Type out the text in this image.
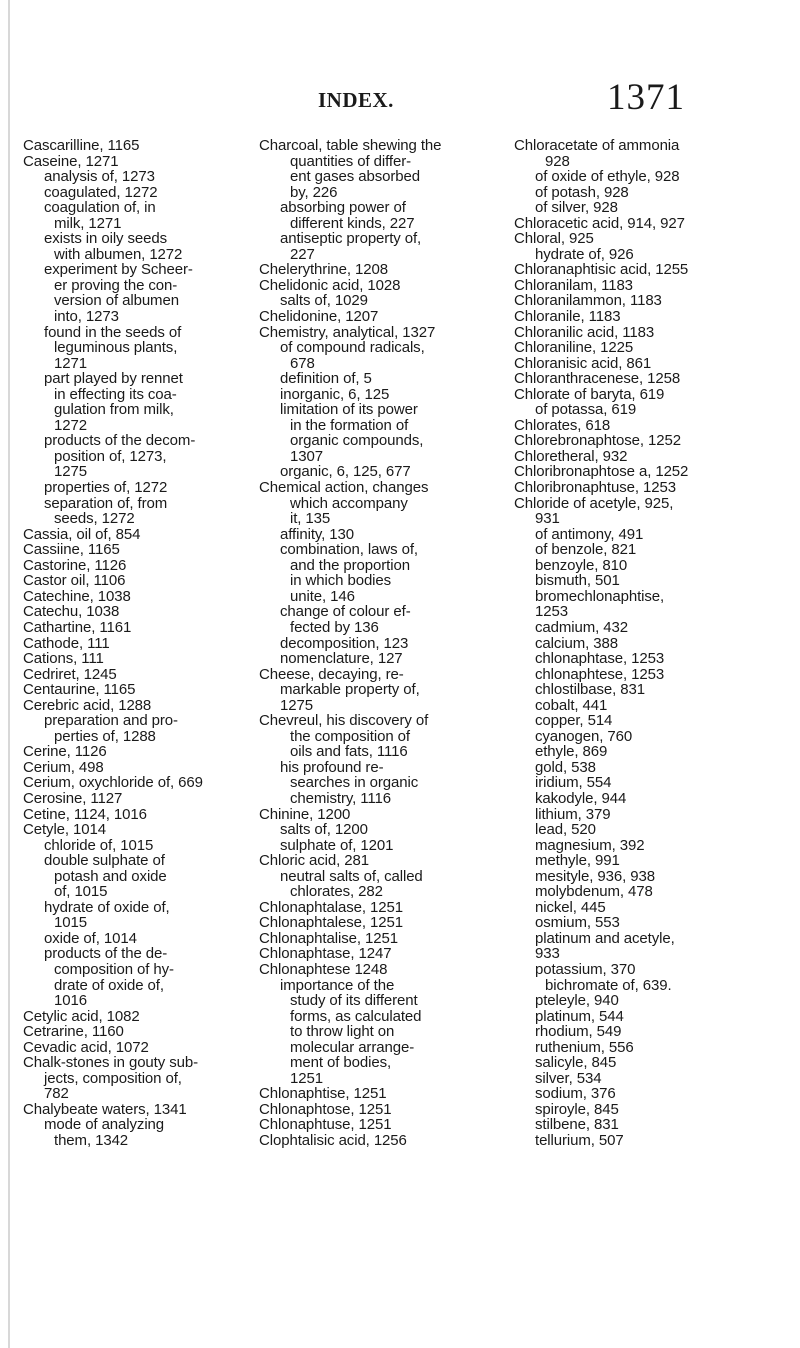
INDEX.	1371
Cascarilline, 1165
Caseine, 1271
analysis of, 1273
coagulated, 1272
coagulation of, in
milk, 1271
exists in oily seeds
with albumen, 1272
experiment by Scheer-
er proving the con-
version of albumen
into, 1273
found in the seeds of
leguminous plants,
1271
part played by rennet
in effecting its coa-
gulation from milk,
1272
products of the decom-
position of, 1273,
1275
properties of, 1272
separation of, from
seeds, 1272
Cassia, oil of, 854
Cassiine, 1165
Castorine, 1126
Castor oil, 1106
Catechine, 1038
Catechu, 1038
Cathartine, 1161
Cathode, 111
Cations, 111
Cedriret, 1245
Centaurine, 1165
Cerebric acid, 1288
preparation and pro-
perties of, 1288
Cerine, 1126
Cerium, 498
Cerium, oxychloride of, 669
Cerosine, 1127
Cetine, 1124, 1016
Cetyle, 1014
chloride of, 1015
double sulphate of
potash and oxide
of, 1015
hydrate of oxide of,
1015
oxide of, 1014
products of the de-
composition of hy-
drate of oxide of,
1016
Cetylic acid, 1082
Cetrarine, 1160
Cevadic acid, 1072
Chalk-stones in gouty sub-
jects, composition of,
782
Chalybeate waters, 1341
mode of analyzing
them, 1342
Charcoal, table shewing the
quantities of differ-
ent gases absorbed
by, 226
absorbing power of
different kinds, 227
antiseptic property of,
227
Chelerythrine, 1208
Chelidonic acid, 1028
salts of, 1029
Chelidonine, 1207
Chemistry, analytical, 1327
of compound radicals,
678
definition of, 5
inorganic, 6, 125
limitation of its power
in the formation of
organic compounds,
1307
organic, 6, 125, 677
Chemical action, changes
which accompany
it, 135
affinity, 130
combination, laws of,
and the proportion
in which bodies
unite, 146
change of colour ef-
fected by 136
decomposition, 123
nomenclature, 127
Cheese, decaying, re-
markable property of,
1275
Chevreul, his discovery of
the composition of
oils and fats, 1116
his profound re-
searches in organic
chemistry, 1116
Chinine, 1200
salts of, 1200
sulphate of, 1201
Chloric acid, 281
neutral salts of, called
chlorates, 282
Chlonaphtalase, 1251
Chlonaphtalese, 1251
Chlonaphtalise, 1251
Chlonaphtase, 1247
Chlonaphtese 1248
importance of the
study of its different
forms, as calculated
to throw light on
molecular arrange-
ment of bodies,
1251
Chlonaphtise, 1251
Chlonaphtose, 1251
Chlonaphtuse, 1251
Clophtalisic acid, 1256
Chloracetate of ammonia
928
of oxide of ethyle, 928
of potash, 928
of silver, 928
Chloracetic acid, 914, 927
Chloral, 925
hydrate of, 926
Chloranaphtisic acid, 1255
Chloranilam, 1183
Chloranilammon, 1183
Chloranile, 1183
Chloranilic acid, 1183
Chloraniline, 1225
Chloranisic acid, 861
Chloranthracenese, 1258
Chlorate of baryta, 619
of potassa, 619
Chlorates, 618
Chlorebronaphtose, 1252
Chloretheral, 932
Chloribronaphtose a, 1252
Chloribronaphtuse, 1253
Chloride of acetyle, 925,
931
of antimony, 491
of benzole, 821
benzoyle, 810
bismuth, 501
bromechlonaphtise,
1253
cadmium, 432
calcium, 388
chlonaphtase, 1253
chlonaphtese, 1253
chlostilbase, 831
cobalt, 441
copper, 514
cyanogen, 760
ethyle, 869
gold, 538
iridium, 554
kakodyle, 944
lithium, 379
lead, 520
magnesium, 392
methyle, 991
mesityle, 936, 938
molybdenum, 478
nickel, 445
osmium, 553
platinum and acetyle,
933
potassium, 370
bichromate of, 639.
pteleyle, 940
platinum, 544
rhodium, 549
ruthenium, 556
salicyle, 845
silver, 534
sodium, 376
spiroyle, 845
stilbene, 831
tellurium, 507
